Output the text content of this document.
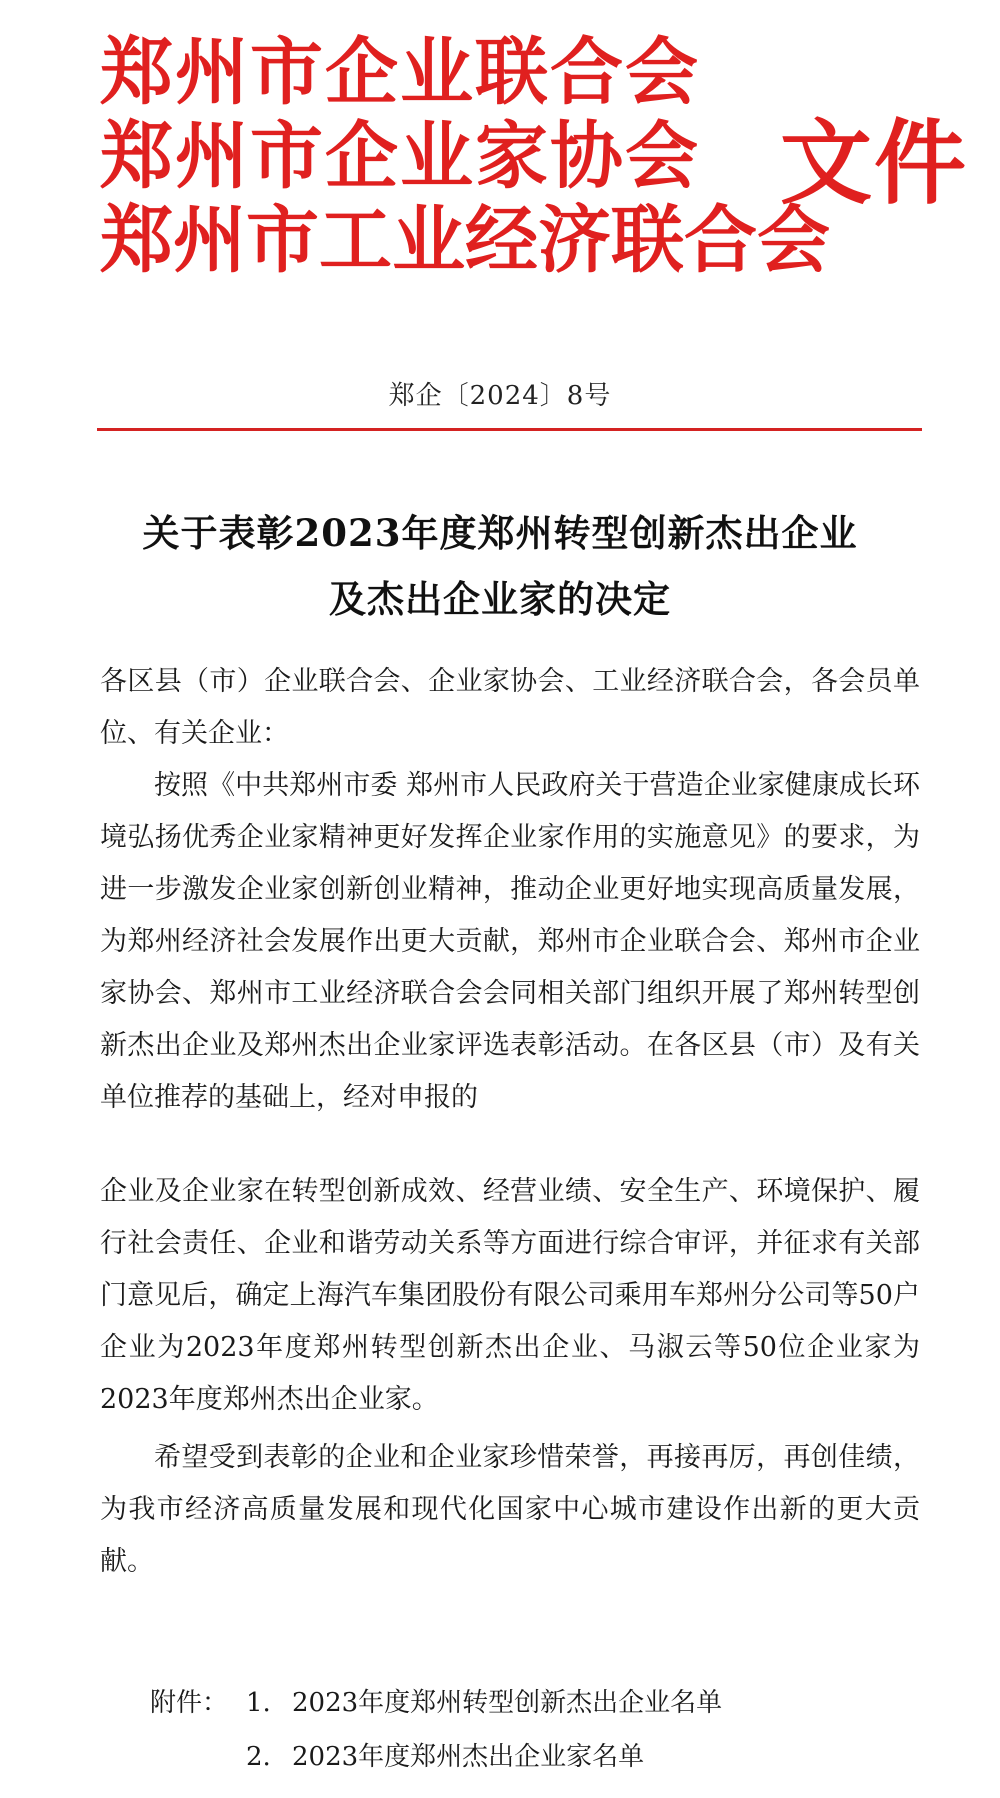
郑州市企业联合会
郑州市企业家协会
郑州市工业经济联合会
文件
郑企〔2024〕8号
关于表彰2023年度郑州转型创新杰出企业
及杰出企业家的决定

各区县（市）企业联合会、企业家协会、工业经济联合会，各会员单位、有关企业：

按照《中共郑州市委 郑州市人民政府关于营造企业家健康成长环境弘扬优秀企业家精神更好发挥企业家作用的实施意见》的要求，为进一步激发企业家创新创业精神，推动企业更好地实现高质量发展，为郑州经济社会发展作出更大贡献，郑州市企业联合会、郑州市企业家协会、郑州市工业经济联合会会同相关部门组织开展了郑州转型创新杰出企业及郑州杰出企业家评选表彰活动。在各区县（市）及有关单位推荐的基础上，经对申报的

企业及企业家在转型创新成效、经营业绩、安全生产、环境保护、履行社会责任、企业和谐劳动关系等方面进行综合审评，并征求有关部门意见后，确定上海汽车集团股份有限公司乘用车郑州分公司等50户企业为2023年度郑州转型创新杰出企业、马淑云等50位企业家为2023年度郑州杰出企业家。

希望受到表彰的企业和企业家珍惜荣誉，再接再厉，再创佳绩，为我市经济高质量发展和现代化国家中心城市建设作出新的更大贡献。

附件： 1. 2023年度郑州转型创新杰出企业名单
2. 2023年度郑州杰出企业家名单
